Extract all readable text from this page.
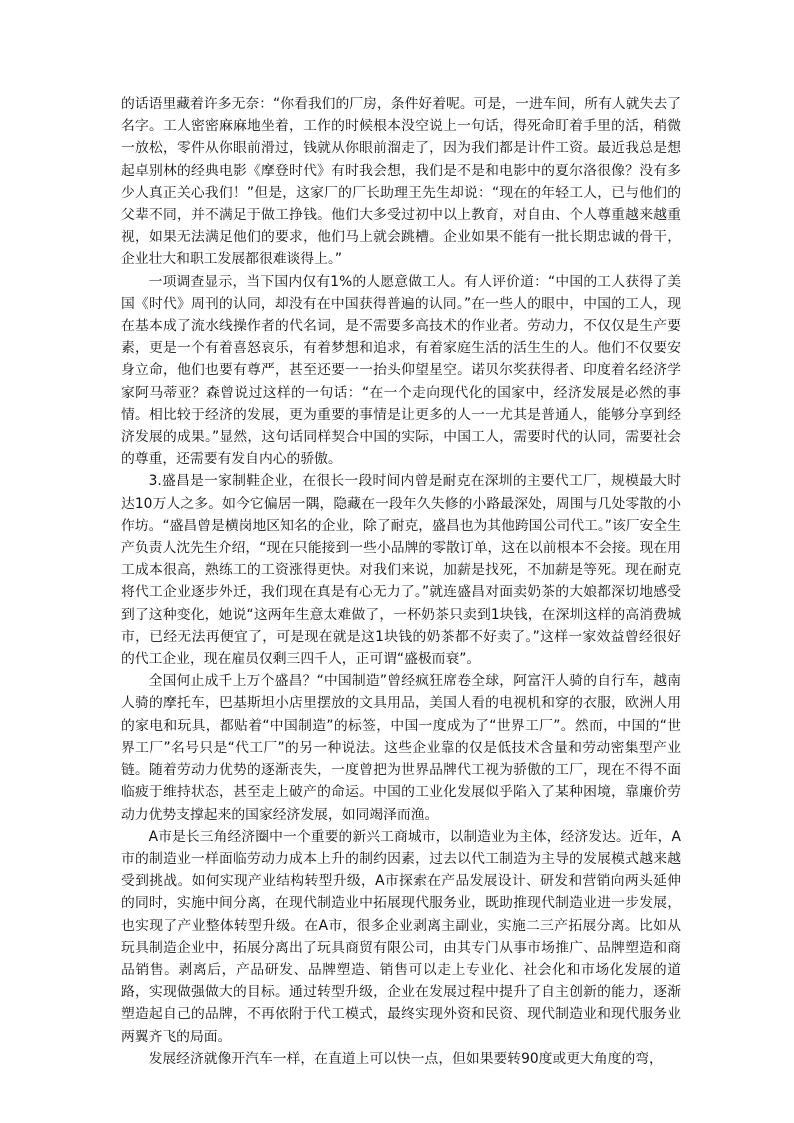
的话语里藏着许多无奈：“你看我们的厂房，条件好着呢。可是，一进车间，所有人就失去了名字。工人密密麻麻地坐着，工作的时候根本没空说上一句话，得死命盯着手里的活，稍微一放松，零件从你眼前滑过，钱就从你眼前溜走了，因为我们都是计件工资。最近我总是想起卓别林的经典电影《摩登时代》有时我会想，我们是不是和电影中的夏尔洛很像？没有多少人真正关心我们！”但是，这家厂的厂长助理王先生却说：“现在的年轻工人，已与他们的父辈不同，并不满足于做工挣钱。他们大多受过初中以上教育，对自由、个人尊重越来越重视，如果无法满足他们的要求，他们马上就会跳槽。企业如果不能有一批长期忠诚的骨干，企业壮大和职工发展都很难谈得上。”

一项调查显示，当下国内仅有1%的人愿意做工人。有人评价道：“中国的工人获得了美国《时代》周刊的认同，却没有在中国获得普遍的认同。”在一些人的眼中，中国的工人，现在基本成了流水线操作者的代名词，是不需要多高技术的作业者。劳动力，不仅仅是生产要素，更是一个有着喜怒哀乐，有着梦想和追求，有着家庭生活的活生生的人。他们不仅要安身立命，他们也要有尊严，甚至还要一一抬头仰望星空。诺贝尔奖获得者、印度着名经济学家阿马蒂亚？森曾说过这样的一句话：“在一个走向现代化的国家中，经济发展是必然的事情。相比较于经济的发展，更为重要的事情是让更多的人一一尤其是普通人，能够分享到经济发展的成果。”显然，这句话同样契合中国的实际，中国工人，需要时代的认同，需要社会的尊重，还需要有发自内心的骄傲。

3.盛昌是一家制鞋企业，在很长一段时间内曾是耐克在深圳的主要代工厂，规模最大时达10万人之多。如今它偏居一隅，隐藏在一段年久失修的小路最深处，周围与几处零散的小作坊。“盛昌曾是横岗地区知名的企业，除了耐克，盛昌也为其他跨国公司代工。”该厂安全生产负责人沈先生介绍，“现在只能接到一些小品牌的零散订单，这在以前根本不会接。现在用工成本很高，熟练工的工资涨得更快。对我们来说，加薪是找死，不加薪是等死。现在耐克将代工企业逐步外迁，我们现在真是有心无力了。”就连盛昌对面卖奶茶的大娘都深切地感受到了这种变化，她说“这两年生意太难做了，一杯奶茶只卖到1块钱，在深圳这样的高消费城市，已经无法再便宜了，可是现在就是这1块钱的奶茶都不好卖了。”这样一家效益曾经很好的代工企业，现在雇员仅剩三四千人，正可谓“盛极而衰”。

全国何止成千上万个盛昌？“中国制造”曾经疯狂席卷全球，阿富汗人骑的自行车，越南人骑的摩托车，巴基斯坦小店里摆放的文具用品，美国人看的电视机和穿的衣服，欧洲人用的家电和玩具，都贴着“中国制造”的标签，中国一度成为了“世界工厂”。然而，中国的“世界工厂”名号只是“代工厂”的另一种说法。这些企业靠的仅是低技术含量和劳动密集型产业链。随着劳动力优势的逐渐丧失，一度曾把为世界品牌代工视为骄傲的工厂，现在不得不面临疲于维持状态，甚至走上破产的命运。中国的工业化发展似乎陷入了某种困境，靠廉价劳动力优势支撑起来的国家经济发展，如同竭泽而渔。

A市是长三角经济圈中一个重要的新兴工商城市，以制造业为主体，经济发达。近年，A市的制造业一样面临劳动力成本上升的制约因素，过去以代工制造为主导的发展模式越来越受到挑战。如何实现产业结构转型升级，A市探索在产品发展设计、研发和营销向两头延伸的同时，实施中间分离，在现代制造业中拓展现代服务业，既助推现代制造业进一步发展，也实现了产业整体转型升级。在A市，很多企业剥离主副业，实施二三产拓展分离。比如从玩具制造企业中，拓展分离出了玩具商贸有限公司，由其专门从事市场推广、品牌塑造和商品销售。剥离后，产品研发、品牌塑造、销售可以走上专业化、社会化和市场化发展的道路，实现做强做大的目标。通过转型升级，企业在发展过程中提升了自主创新的能力，逐渐塑造起自己的品牌，不再依附于代工模式，最终实现外资和民资、现代制造业和现代服务业两翼齐飞的局面。

发展经济就像开汽车一样，在直道上可以快一点，但如果要转90度或更大角度的弯，
